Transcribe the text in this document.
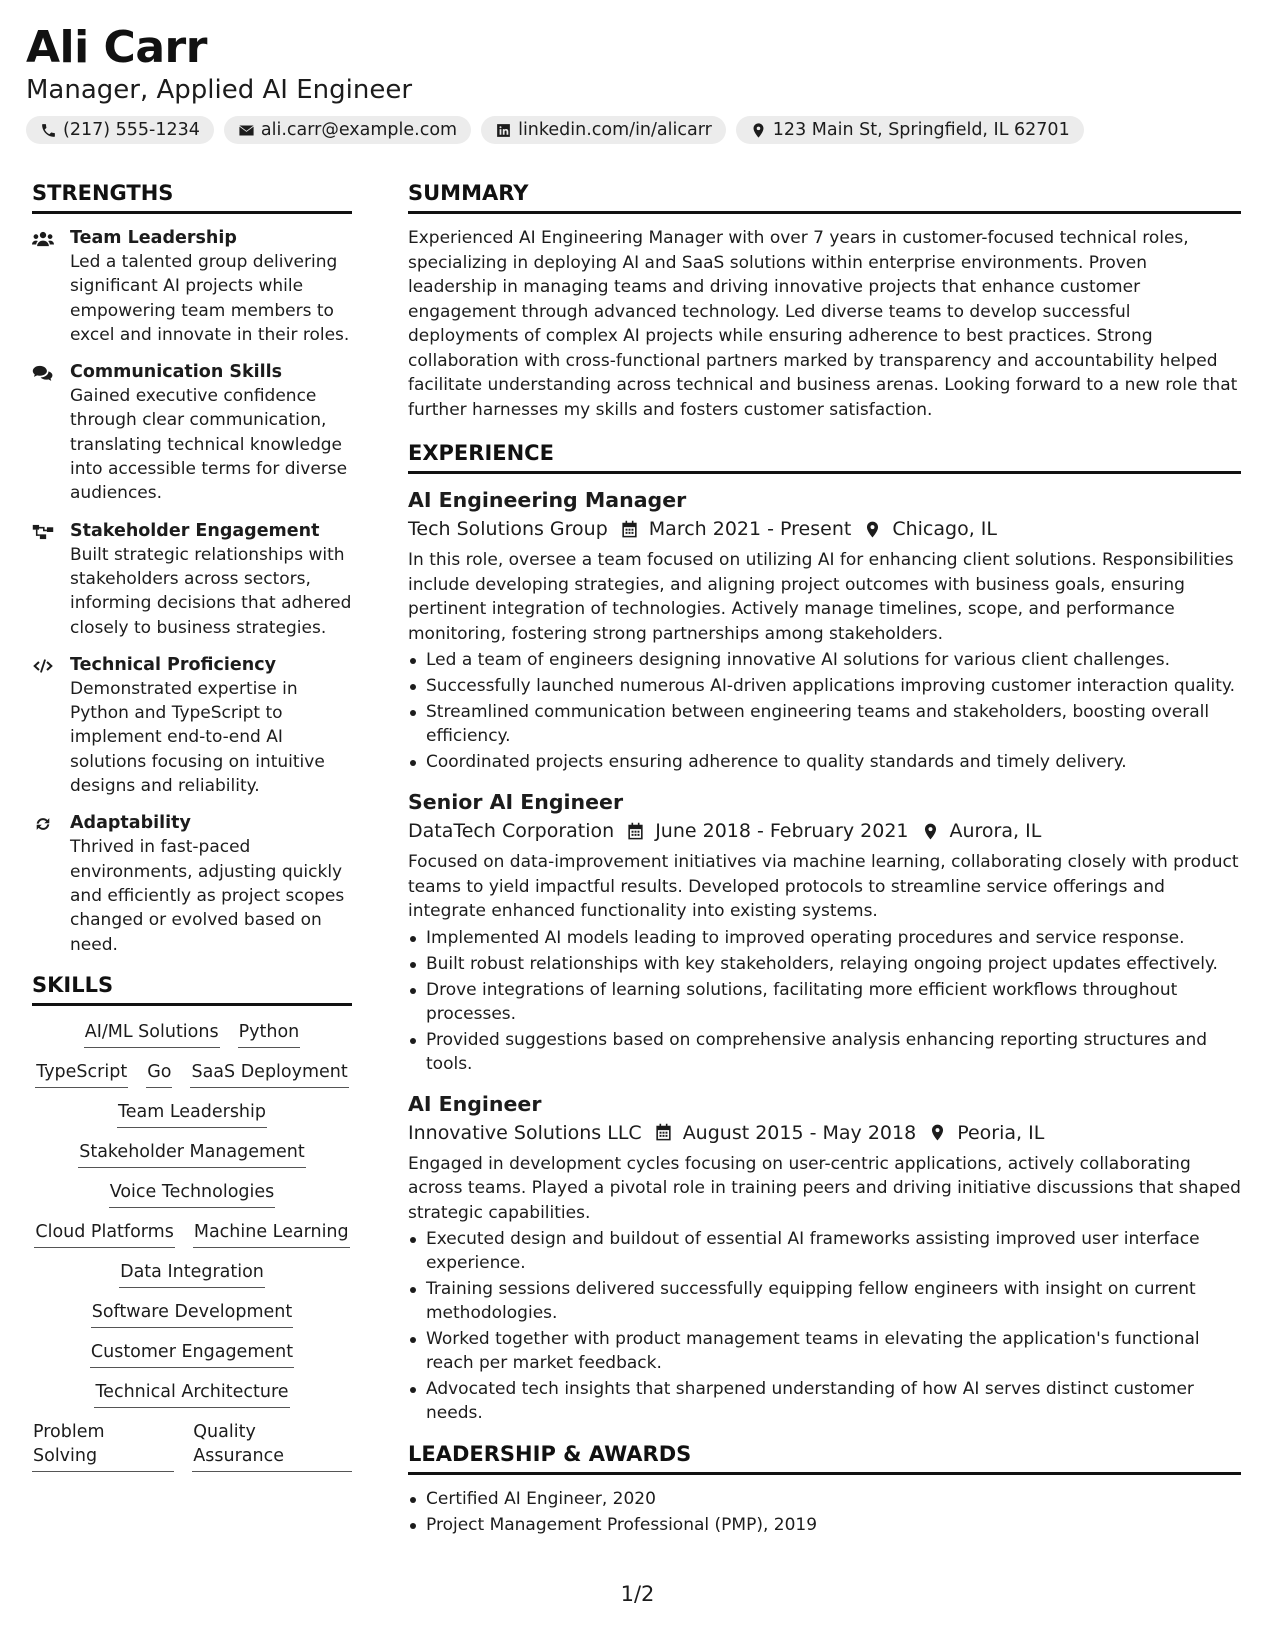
Ali Carr
Manager, Applied AI Engineer
(217) 555-1234	ali.carr@example.com	linkedin.com/in/alicarr	123 Main St, Springfield, IL 62701
STRENGTHS
Team Leadership
Led a talented group delivering significant AI projects while empowering team members to excel and innovate in their roles.
Communication Skills
Gained executive confidence through clear communication, translating technical knowledge into accessible terms for diverse audiences.
Stakeholder Engagement
Built strategic relationships with stakeholders across sectors, informing decisions that adhered closely to business strategies.
Technical Proficiency
Demonstrated expertise in Python and TypeScript to implement end-to-end AI solutions focusing on intuitive designs and reliability.
Adaptability
Thrived in fast-paced environments, adjusting quickly and efficiently as project scopes changed or evolved based on need.
SKILLS
AI/ML Solutions Python
TypeScript Go SaaS Deployment
Team Leadership
Stakeholder Management
Voice Technologies
Cloud Platforms Machine Learning
Data Integration
Software Development
Customer Engagement
Technical Architecture
Problem Solving
Quality Assurance
SUMMARY
Experienced AI Engineering Manager with over 7 years in customer-focused technical roles, specializing in deploying AI and SaaS solutions within enterprise environments. Proven leadership in managing teams and driving innovative projects that enhance customer engagement through advanced technology. Led diverse teams to develop successful deployments of complex AI projects while ensuring adherence to best practices. Strong collaboration with cross-functional partners marked by transparency and accountability helped facilitate understanding across technical and business arenas. Looking forward to a new role that further harnesses my skills and fosters customer satisfaction.
EXPERIENCE
AI Engineering Manager
Tech Solutions Group March 2021 - Present Chicago, IL
In this role, oversee a team focused on utilizing AI for enhancing client solutions. Responsibilities include developing strategies, and aligning project outcomes with business goals, ensuring pertinent integration of technologies. Actively manage timelines, scope, and performance monitoring, fostering strong partnerships among stakeholders.
Led a team of engineers designing innovative AI solutions for various client challenges.
Successfully launched numerous AI-driven applications improving customer interaction quality.
Streamlined communication between engineering teams and stakeholders, boosting overall efficiency.
Coordinated projects ensuring adherence to quality standards and timely delivery.
Senior AI Engineer
DataTech Corporation June 2018 - February 2021 Aurora, IL
Focused on data-improvement initiatives via machine learning, collaborating closely with product teams to yield impactful results. Developed protocols to streamline service offerings and integrate enhanced functionality into existing systems.
Implemented AI models leading to improved operating procedures and service response.
Built robust relationships with key stakeholders, relaying ongoing project updates effectively.
Drove integrations of learning solutions, facilitating more efficient workflows throughout processes.
Provided suggestions based on comprehensive analysis enhancing reporting structures and tools.
AI Engineer
Innovative Solutions LLC August 2015 - May 2018 Peoria, IL
Engaged in development cycles focusing on user-centric applications, actively collaborating across teams. Played a pivotal role in training peers and driving initiative discussions that shaped strategic capabilities.
Executed design and buildout of essential AI frameworks assisting improved user interface experience.
Training sessions delivered successfully equipping fellow engineers with insight on current methodologies.
Worked together with product management teams in elevating the application's functional reach per market feedback.
Advocated tech insights that sharpened understanding of how AI serves distinct customer needs.
LEADERSHIP & AWARDS
Certified AI Engineer, 2020
Project Management Professional (PMP), 2019
1/2
